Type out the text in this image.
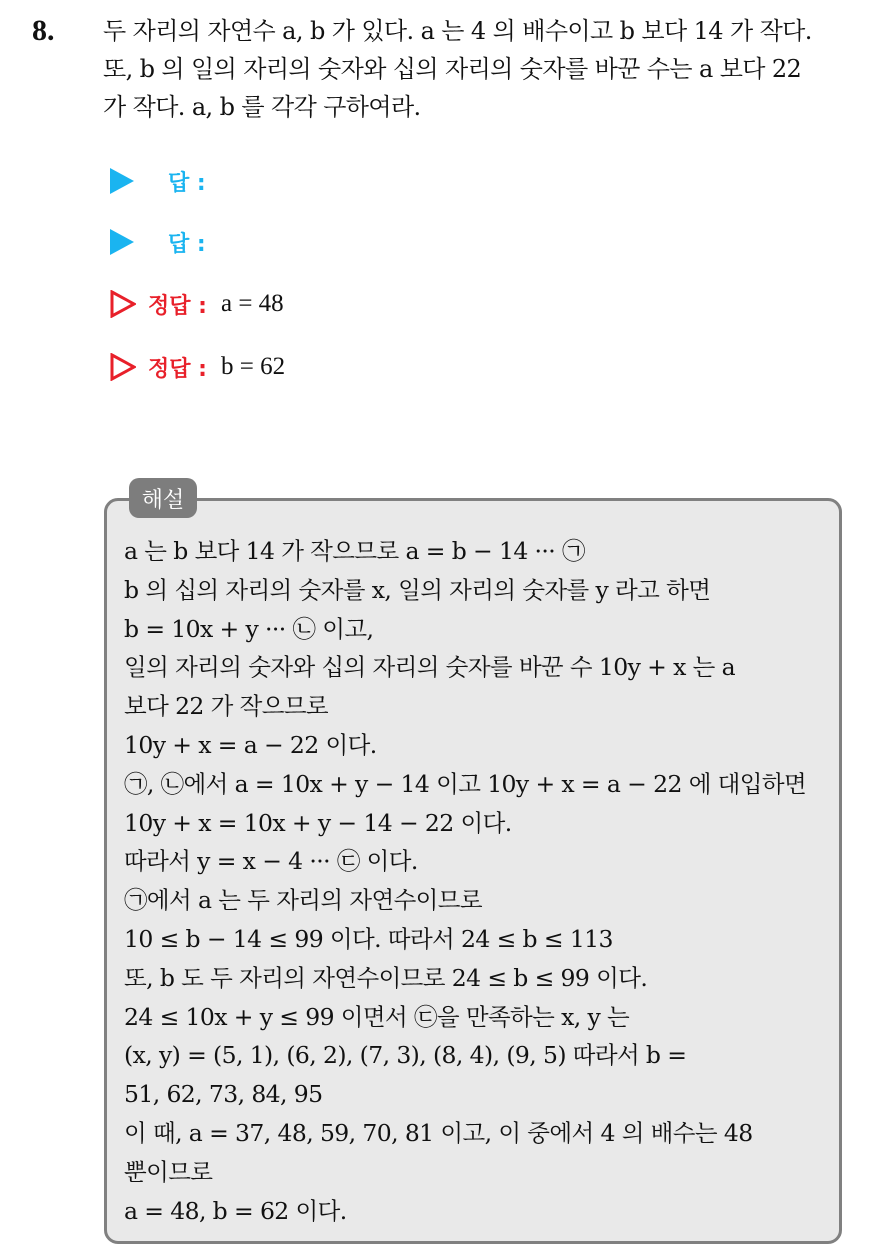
8. 두 자리의 자연수 a, b 가 있다. a 는 4 의 배수이고 b 보다 14 가 작다.
또, b 의 일의 자리의 숫자와 십의 자리의 숫자를 바꾼 수는 a 보다 22
가 작다. a, b 를 각각 구하여라.
답 :
답 :
정답 : a = 48
정답 : b = 62
해설
a 는 b 보다 14 가 작으므로 a = b − 14 ··· ㉠
b 의 십의 자리의 숫자를 x, 일의 자리의 숫자를 y 라고 하면
b = 10x + y ··· ㉡ 이고,
일의 자리의 숫자와 십의 자리의 숫자를 바꾼 수 10y + x 는 a
보다 22 가 작으므로
10y + x = a − 22 이다.
㉠, ㉡에서 a = 10x + y − 14 이고 10y + x = a − 22 에 대입하면
10y + x = 10x + y − 14 − 22 이다.
따라서 y = x − 4 ··· ㉢ 이다.
㉠에서 a 는 두 자리의 자연수이므로
10 ≤ b − 14 ≤ 99 이다. 따라서 24 ≤ b ≤ 113
또, b 도 두 자리의 자연수이므로 24 ≤ b ≤ 99 이다.
24 ≤ 10x + y ≤ 99 이면서 ㉢을 만족하는 x, y 는
(x, y) = (5, 1), (6, 2), (7, 3), (8, 4), (9, 5) 따라서 b =
51, 62, 73, 84, 95
이 때, a = 37, 48, 59, 70, 81 이고, 이 중에서 4 의 배수는 48
뿐이므로
a = 48, b = 62 이다.
